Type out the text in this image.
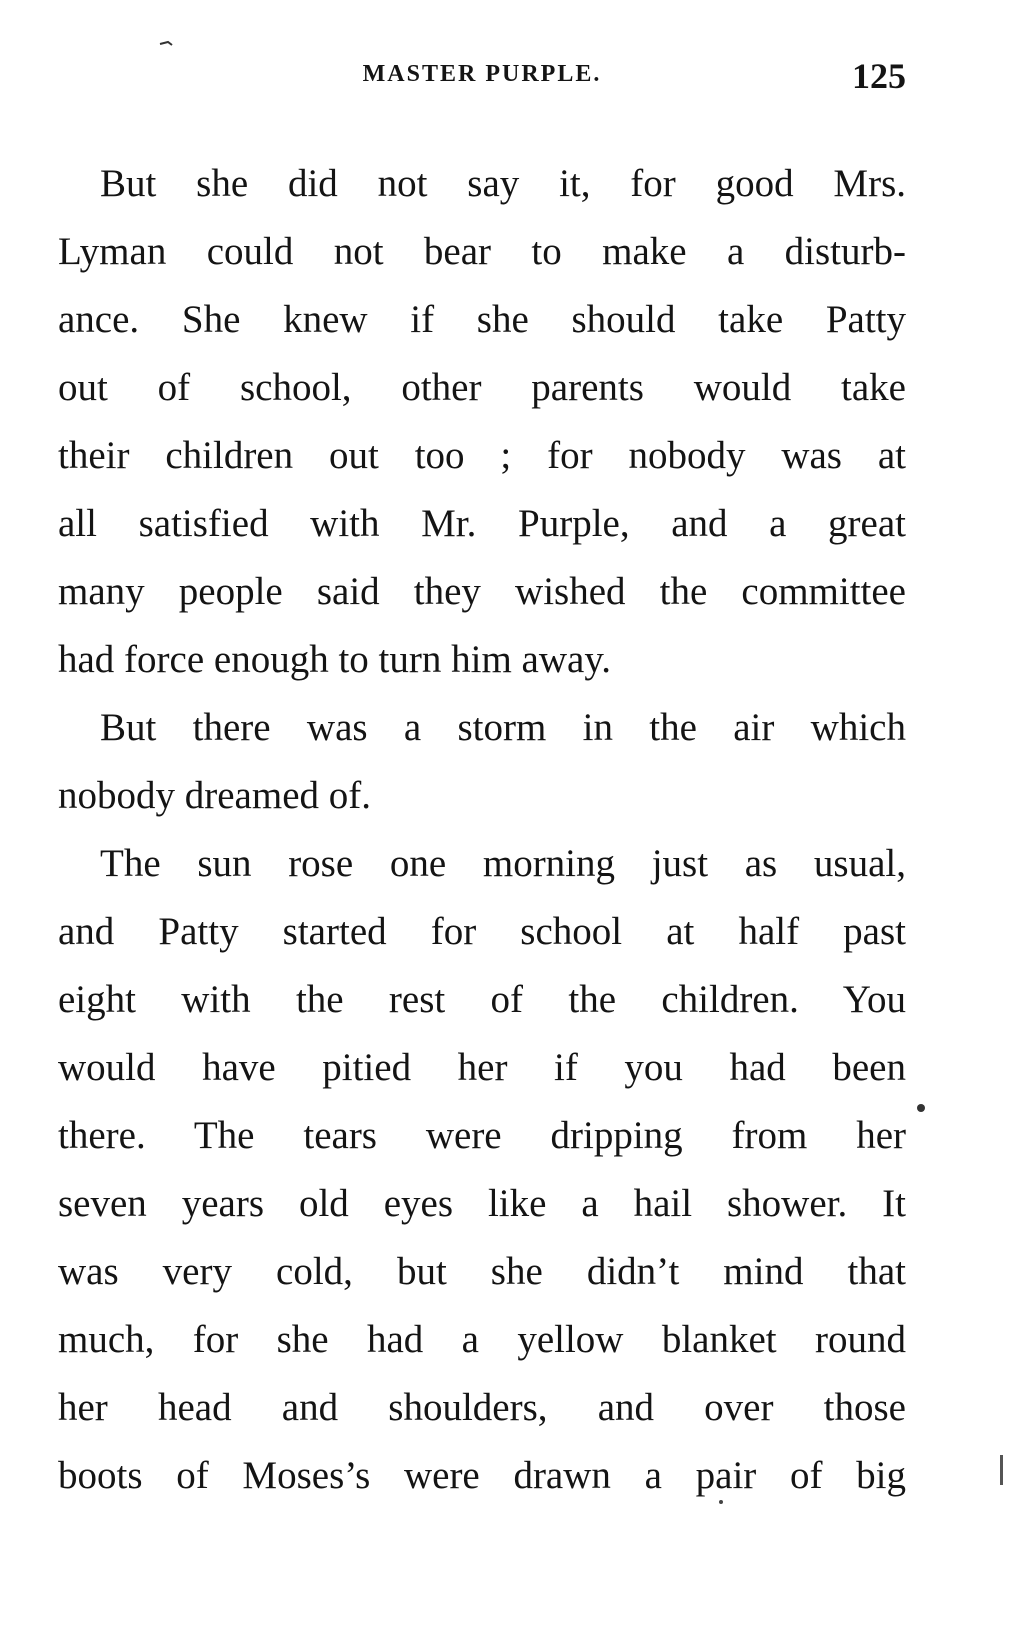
MASTER PURPLE.	125
But she did not say it, for good Mrs.
Lyman could not bear to make a disturb-
ance. She knew if she should take Patty
out of school, other parents would take
their children out too ; for nobody was at
all satisfied with Mr. Purple, and a great
many people said they wished the committee
had force enough to turn him away.
But there was a storm in the air which
nobody dreamed of.
The sun rose one morning just as usual,
and Patty started for school at half past
eight with the rest of the children. You
would have pitied her if you had been
there. The tears were dripping from her
seven years old eyes like a hail shower. It
was very cold, but she didn’t mind that
much, for she had a yellow blanket round
her head and shoulders, and over those
boots of Moses’s were drawn a pair of big
